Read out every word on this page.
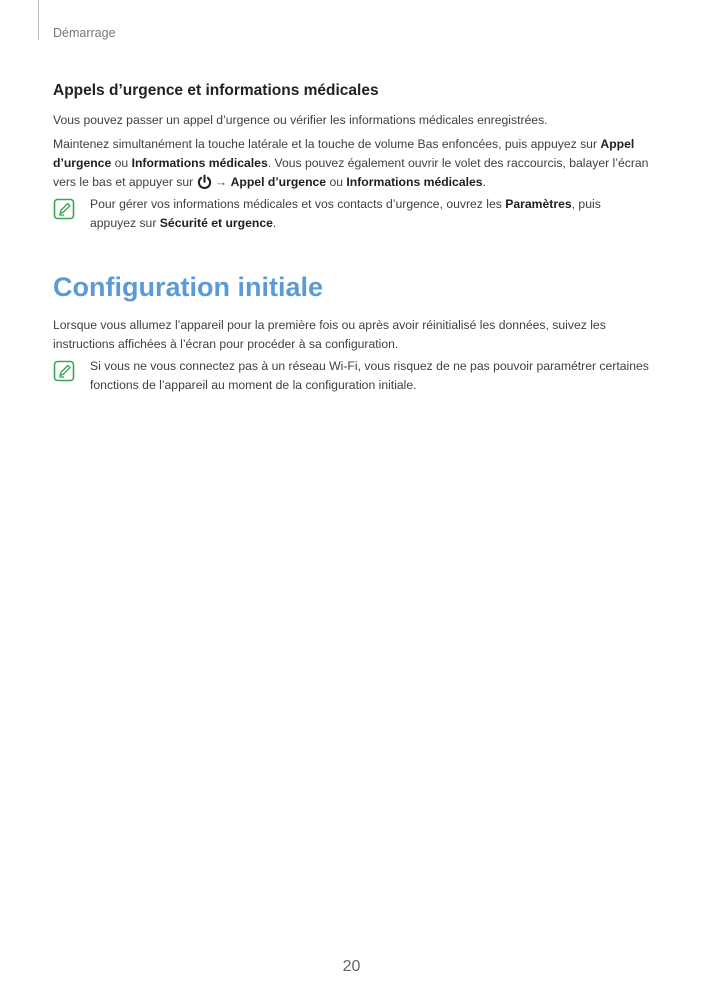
Démarrage
Appels d’urgence et informations médicales
Vous pouvez passer un appel d’urgence ou vérifier les informations médicales enregistrées.
Maintenez simultanément la touche latérale et la touche de volume Bas enfoncées, puis appuyez sur Appel d’urgence ou Informations médicales. Vous pouvez également ouvrir le volet des raccourcis, balayer l’écran vers le bas et appuyer sur  → Appel d’urgence ou Informations médicales.
Pour gérer vos informations médicales et vos contacts d’urgence, ouvrez les Paramètres, puis appuyez sur Sécurité et urgence.
Configuration initiale
Lorsque vous allumez l’appareil pour la première fois ou après avoir réinitialisé les données, suivez les instructions affichées à l’écran pour procéder à sa configuration.
Si vous ne vous connectez pas à un réseau Wi-Fi, vous risquez de ne pas pouvoir paramétrer certaines fonctions de l’appareil au moment de la configuration initiale.
20
